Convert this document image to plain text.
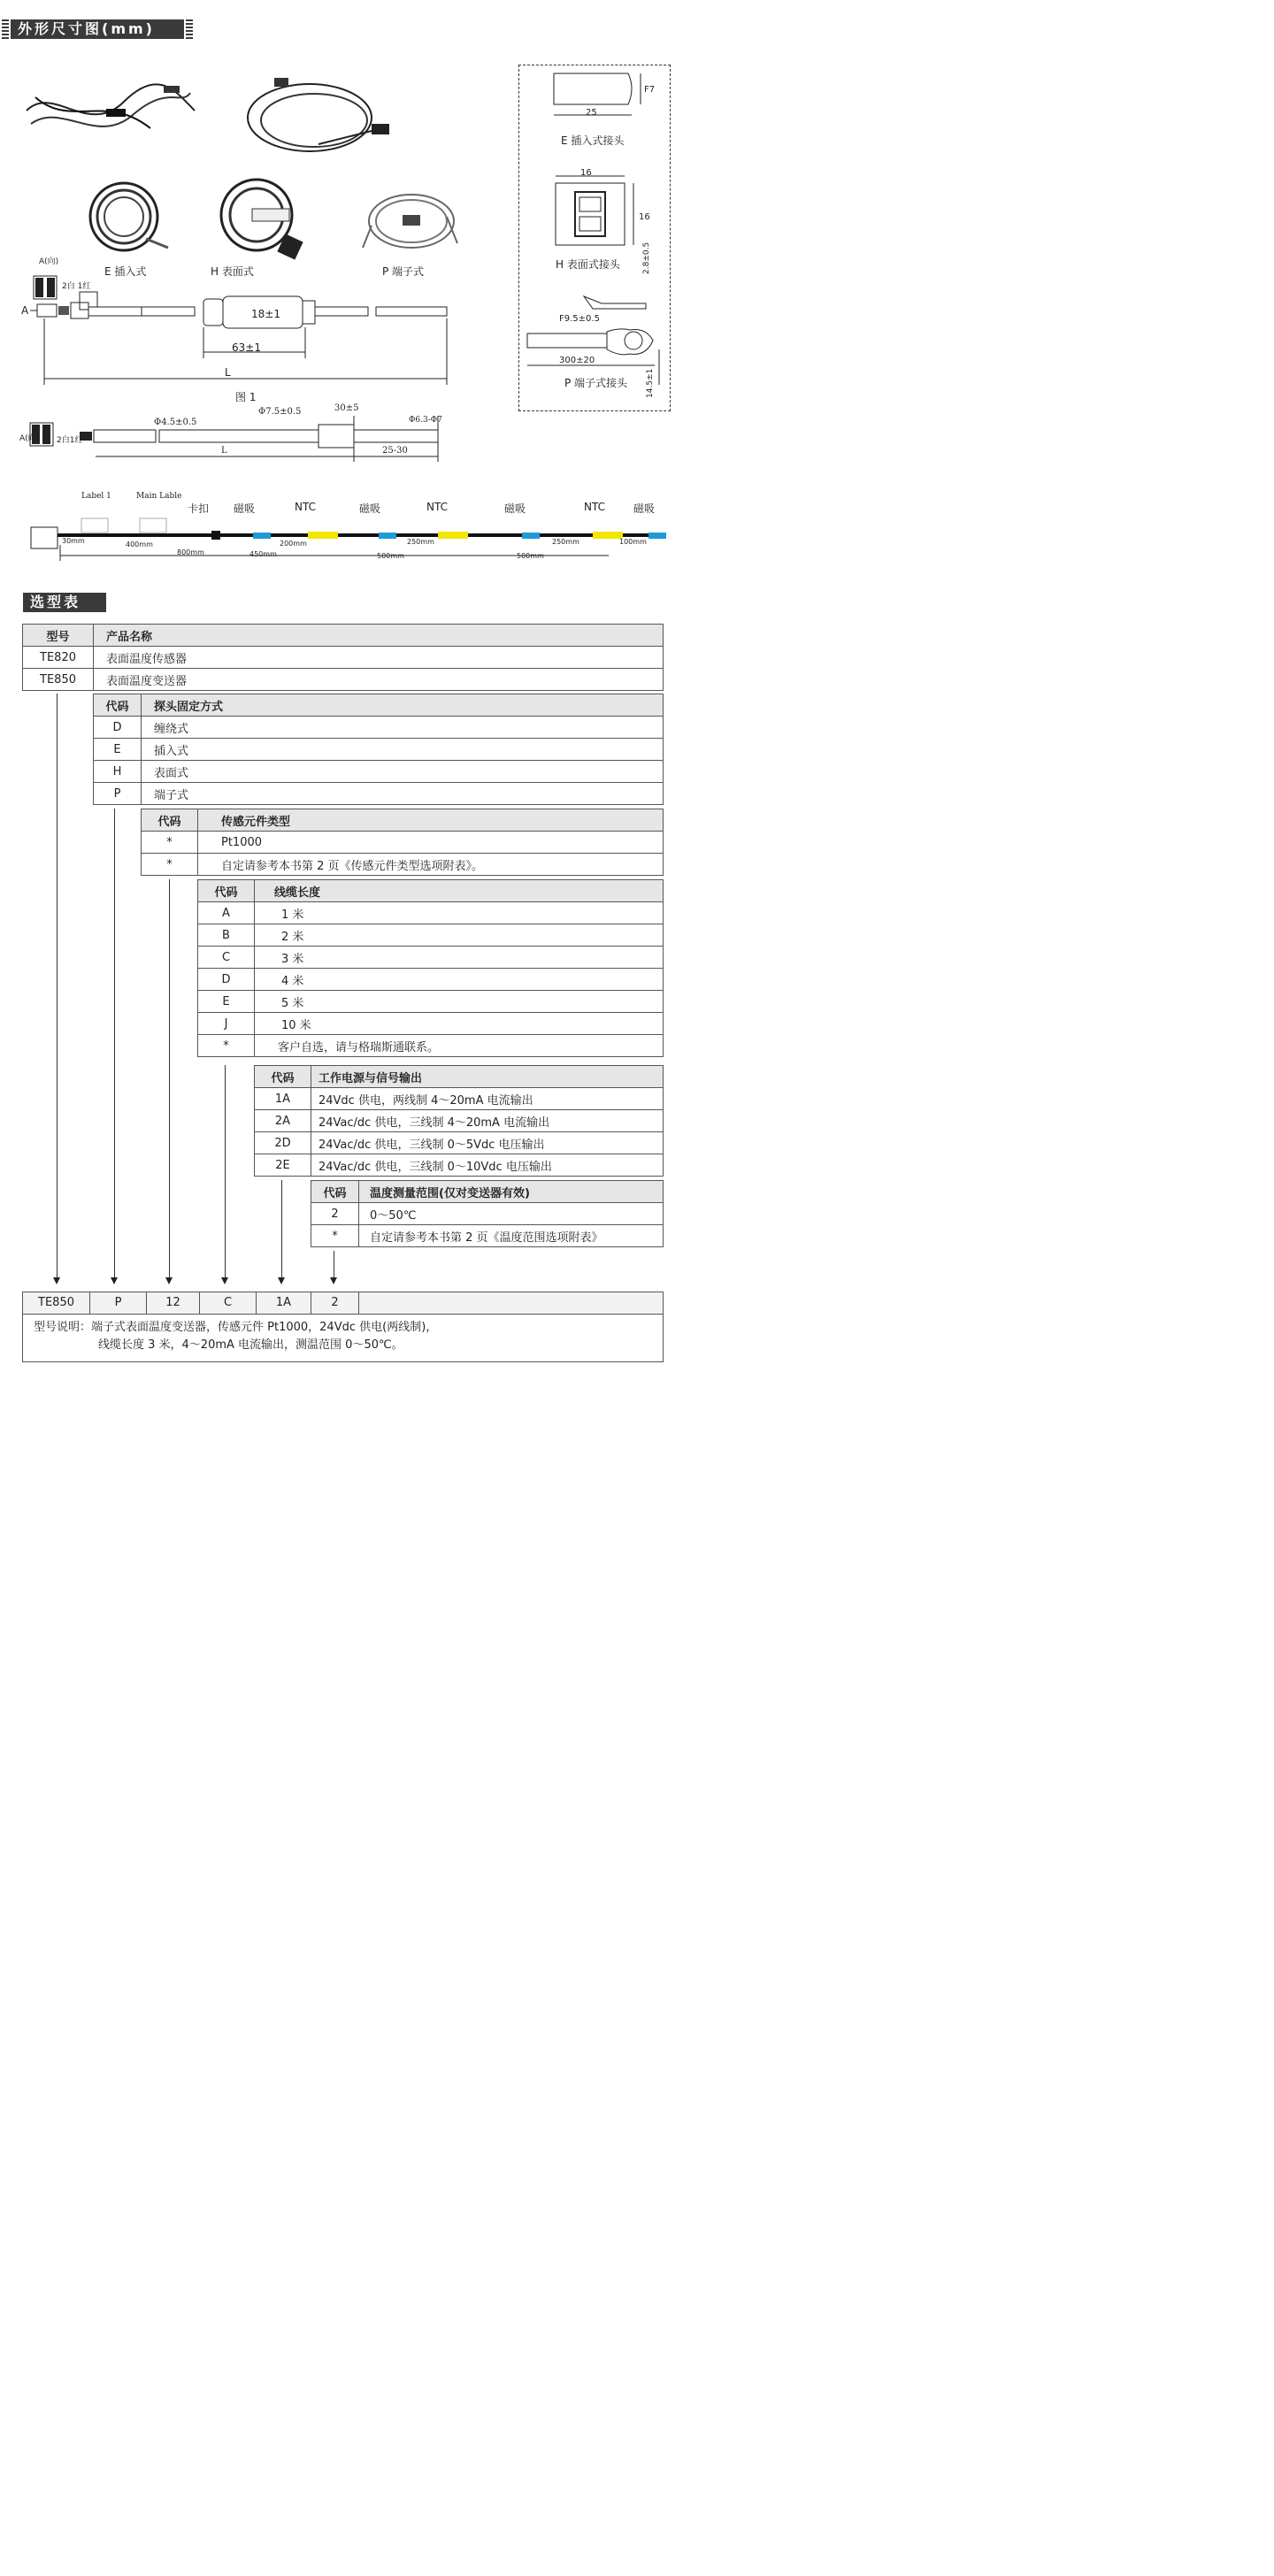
外形尺寸图(mm)
E 插入式	H 表面式	P 端子式
A
A(向)
2白 1红
18±1
63±1
L
图 1
A(向) 2白1红
Φ4.5±0.5
Φ7.5±0.5	30±5
Φ6.3-Φ7
L	25-30
F7
25
E 插入式接头
16
16
H 表面式接头	2.8±0.5
F9.5±0.5
300±20
14.5±1
P 端子式接头
Label 1	Main Lable
卡扣 磁吸	NTC	磁吸	NTC	磁吸	NTC	磁吸
30mm	400mm
800mm	450mm
200mm
500mm
250mm
500mm
250mm	100mm
选型表
型号	产品名称
TE820	表面温度传感器
TE850	表面温度变送器
代码	探头固定方式
D	缠绕式
E	插入式
H	表面式
P	端子式
代码	传感元件类型
*	Pt1000
*	自定请参考本书第 2 页《传感元件类型选项附表》。
代码	线缆长度
A	1 米
B	2 米
C	3 米
D	4 米
E	5 米
J	10 米
*	客户自选，请与格瑞斯通联系。
代码	工作电源与信号输出
1A	24Vdc 供电，两线制 4～20mA 电流输出
2A	24Vac/dc 供电，三线制 4～20mA 电流输出
2D	24Vac/dc 供电，三线制 0～5Vdc 电压输出
2E	24Vac/dc 供电，三线制 0～10Vdc 电压输出
代码	温度测量范围(仅对变送器有效)
2	0～50℃
*	自定请参考本书第 2 页《温度范围选项附表》
TE850	P	12	C	1A	2
型号说明：端子式表面温度变送器，传感元件 Pt1000，24Vdc 供电(两线制)，
线缆长度 3 米，4～20mA 电流输出，测温范围 0～50℃。
